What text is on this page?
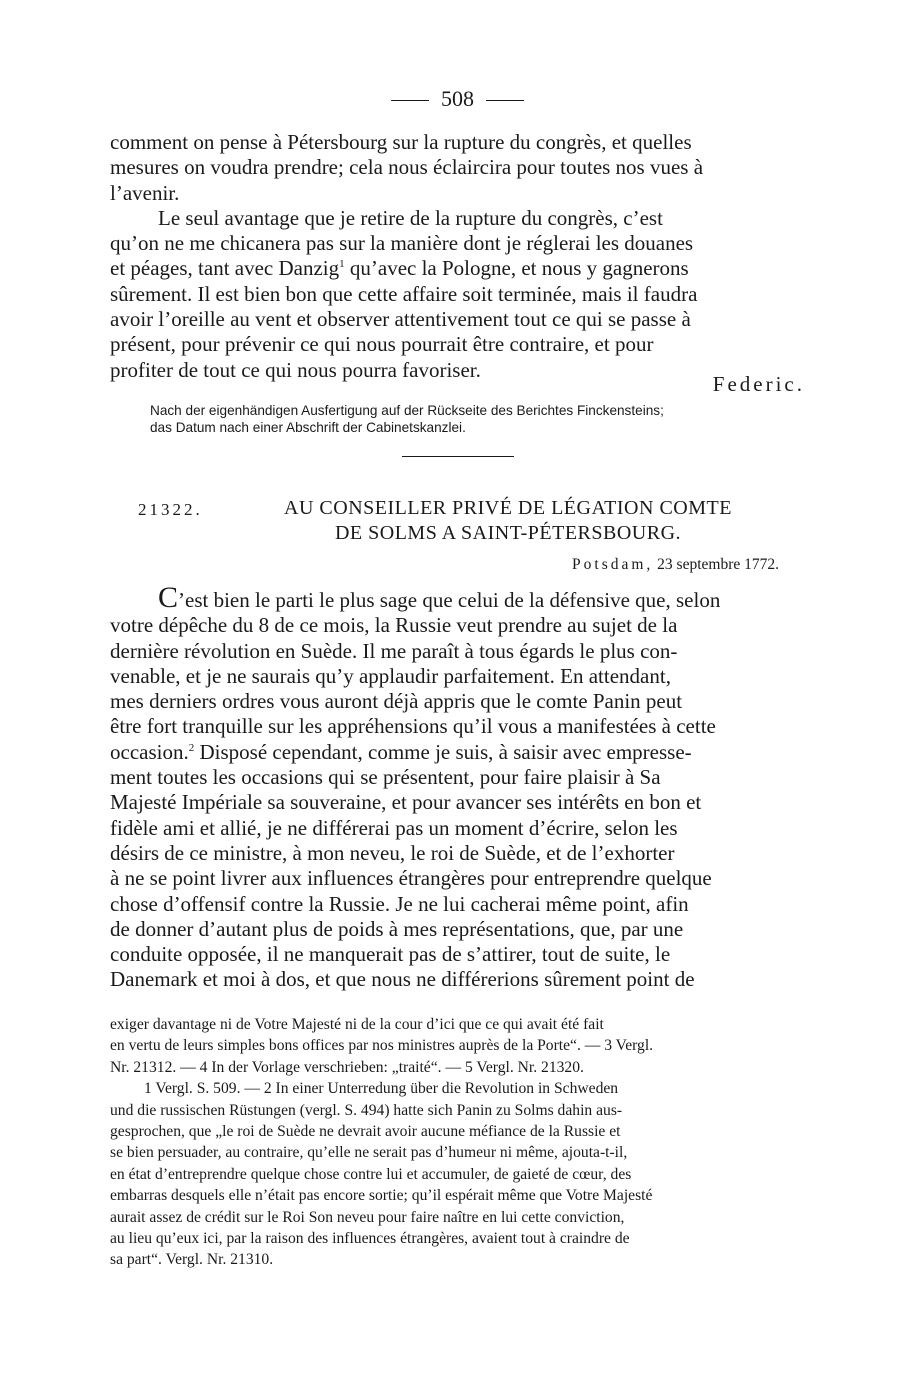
508

comment on pense à Pétersbourg sur la rupture du congrès, et quelles

mesures on voudra prendre; cela nous éclaircira pour toutes nos vues à

l’avenir.

Le seul avantage que je retire de la rupture du congrès, c’est

qu’on ne me chicanera pas sur la manière dont je réglerai les douanes

et péages, tant avec Danzig$^1$ qu’avec la Pologne, et nous y gagnerons

sûrement. Il est bien bon que cette affaire soit terminée, mais il faudra

avoir l’oreille au vent et observer attentivement tout ce qui se passe à

présent, pour prévenir ce qui nous pourrait être contraire, et pour

profiter de tout ce qui nous pourra favoriser.

Federic.
Nach der eigenhändigen Ausfertigung auf der Rückseite des Berichtes Finckensteins;
das Datum nach einer Abschrift der Cabinetskanzlei.
21322.	AU CONSEILLER PRIVÉ DE LÉGATION COMTE
DE SOLMS A SAINT-PÉTERSBOURG.
Potsdam, 23 septembre 1772.

C’est bien le parti le plus sage que celui de la défensive que, selon

votre dépêche du 8 de ce mois, la Russie veut prendre au sujet de la

dernière révolution en Suède. Il me paraît à tous égards le plus con-

venable, et je ne saurais qu’y applaudir parfaitement. En attendant,

mes derniers ordres vous auront déjà appris que le comte Panin peut

être fort tranquille sur les appréhensions qu’il vous a manifestées à cette

occasion.$^2$ Disposé cependant, comme je suis, à saisir avec empresse-

ment toutes les occasions qui se présentent, pour faire plaisir à Sa

Majesté Impériale sa souveraine, et pour avancer ses intérêts en bon et

fidèle ami et allié, je ne différerai pas un moment d’écrire, selon les

désirs de ce ministre, à mon neveu, le roi de Suède, et de l’exhorter

à ne se point livrer aux influences étrangères pour entreprendre quelque

chose d’offensif contre la Russie. Je ne lui cacherai même point, afin

de donner d’autant plus de poids à mes représentations, que, par une

conduite opposée, il ne manquerait pas de s’attirer, tout de suite, le

Danemark et moi à dos, et que nous ne différerions sûrement point de

exiger davantage ni de Votre Majesté ni de la cour d’ici que ce qui avait été fait

en vertu de leurs simples bons offices par nos ministres auprès de la Porte“. — 3 Vergl.

Nr. 21312. — 4 In der Vorlage verschrieben: „traité“. — 5 Vergl. Nr. 21320.

1 Vergl. S. 509. — 2 In einer Unterredung über die Revolution in Schweden

und die russischen Rüstungen (vergl. S. 494) hatte sich Panin zu Solms dahin aus-

gesprochen, que „le roi de Suède ne devrait avoir aucune méfiance de la Russie et

se bien persuader, au contraire, qu’elle ne serait pas d’humeur ni même, ajouta-t-il,

en état d’entreprendre quelque chose contre lui et accumuler, de gaieté de cœur, des

embarras desquels elle n’était pas encore sortie; qu’il espérait même que Votre Majesté

aurait assez de crédit sur le Roi Son neveu pour faire naître en lui cette conviction,

au lieu qu’eux ici, par la raison des influences étrangères, avaient tout à craindre de

sa part“. Vergl. Nr. 21310.
